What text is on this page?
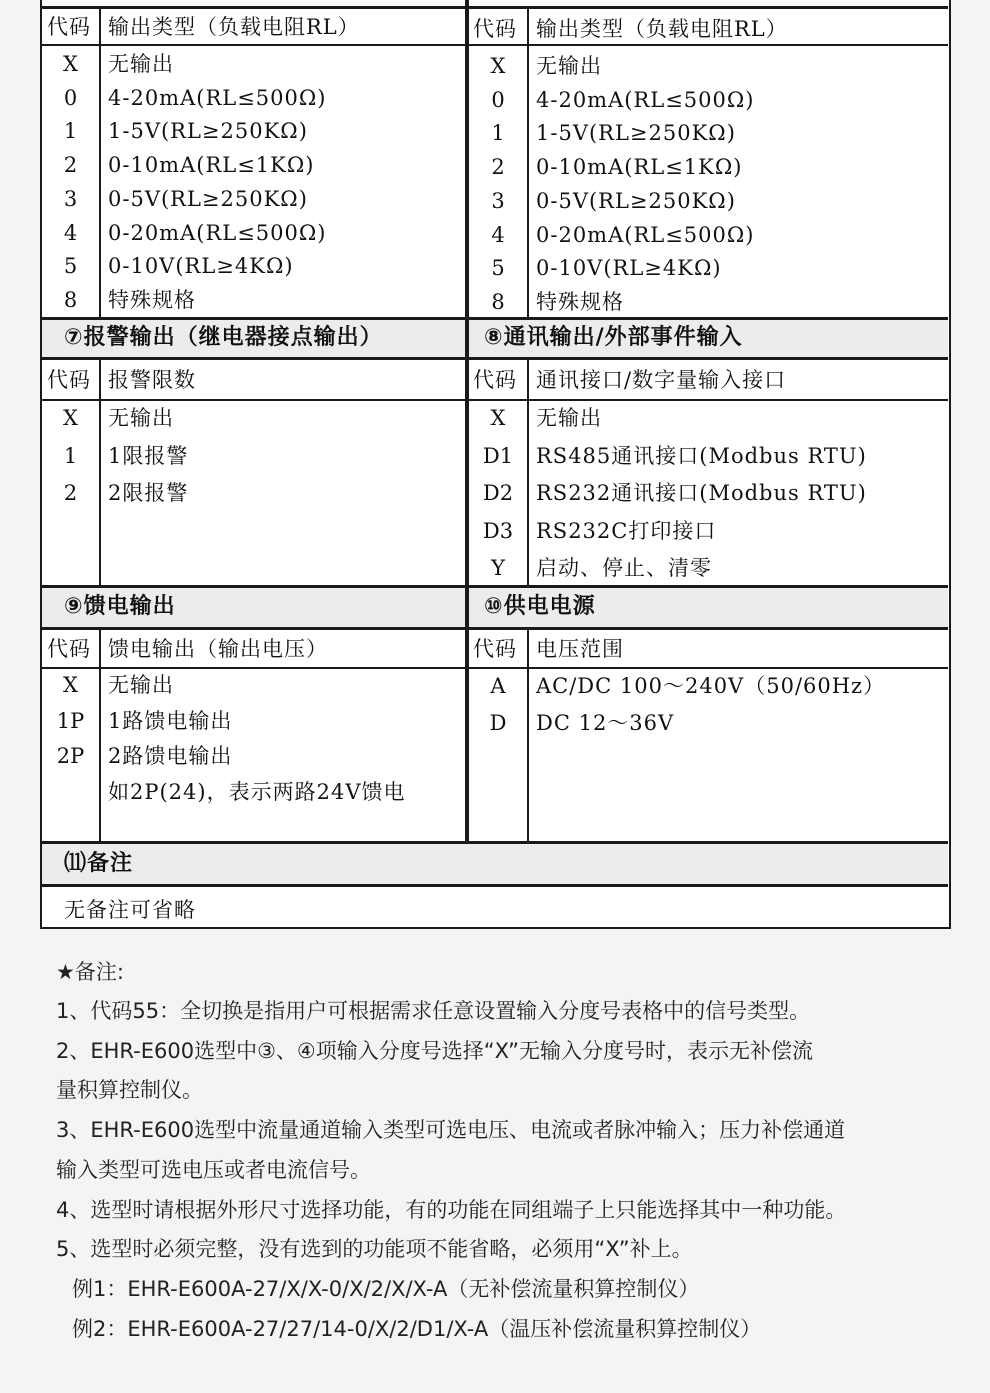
代码 输出类型（负载电阻RL）
X	无输出
0	4-20mA(RL≤500Ω)
1	1-5V(RL≥250KΩ)
2	0-10mA(RL≤1KΩ)
3	0-5V(RL≥250KΩ)
4	0-20mA(RL≤500Ω)
5	0-10V(RL≥4KΩ)
8	特殊规格
代码 输出类型（负载电阻RL）
X	无输出
0	4-20mA(RL≤500Ω)
1	1-5V(RL≥250KΩ)
2	0-10mA(RL≤1KΩ)
3	0-5V(RL≥250KΩ)
4	0-20mA(RL≤500Ω)
5	0-10V(RL≥4KΩ)
8	特殊规格
⑦报警输出（继电器接点输出）	⑧通讯输出/外部事件输入
代码 报警限数	代码 通讯接口/数字量输入接口
X	无输出
1	1限报警
2	2限报警
X	无输出
D1	RS485通讯接口(Modbus RTU)
D2	RS232通讯接口(Modbus RTU)
D3	RS232C打印接口
Y	启动、停止、清零
⑨馈电输出	⑩供电电源
代码 馈电输出（输出电压）	代码 电压范围
X	无输出
1P	1路馈电输出
2P	2路馈电输出
如2P(24)，表示两路24V馈电
A	AC/DC 100～240V（50/60Hz）
D	DC 12～36V
⑾备注
无备注可省略
★备注:
1、代码55：全切换是指用户可根据需求任意设置输入分度号表格中的信号类型。
2、EHR-E600选型中③、④项输入分度号选择“X”无输入分度号时，表示无补偿流
量积算控制仪。
3、EHR-E600选型中流量通道输入类型可选电压、电流或者脉冲输入；压力补偿通道
输入类型可选电压或者电流信号。
4、选型时请根据外形尺寸选择功能，有的功能在同组端子上只能选择其中一种功能。
5、选型时必须完整，没有选到的功能项不能省略，必须用“X”补上。
例1：EHR-E600A-27/X/X-0/X/2/X/X-A（无补偿流量积算控制仪）
例2：EHR-E600A-27/27/14-0/X/2/D1/X-A（温压补偿流量积算控制仪）
